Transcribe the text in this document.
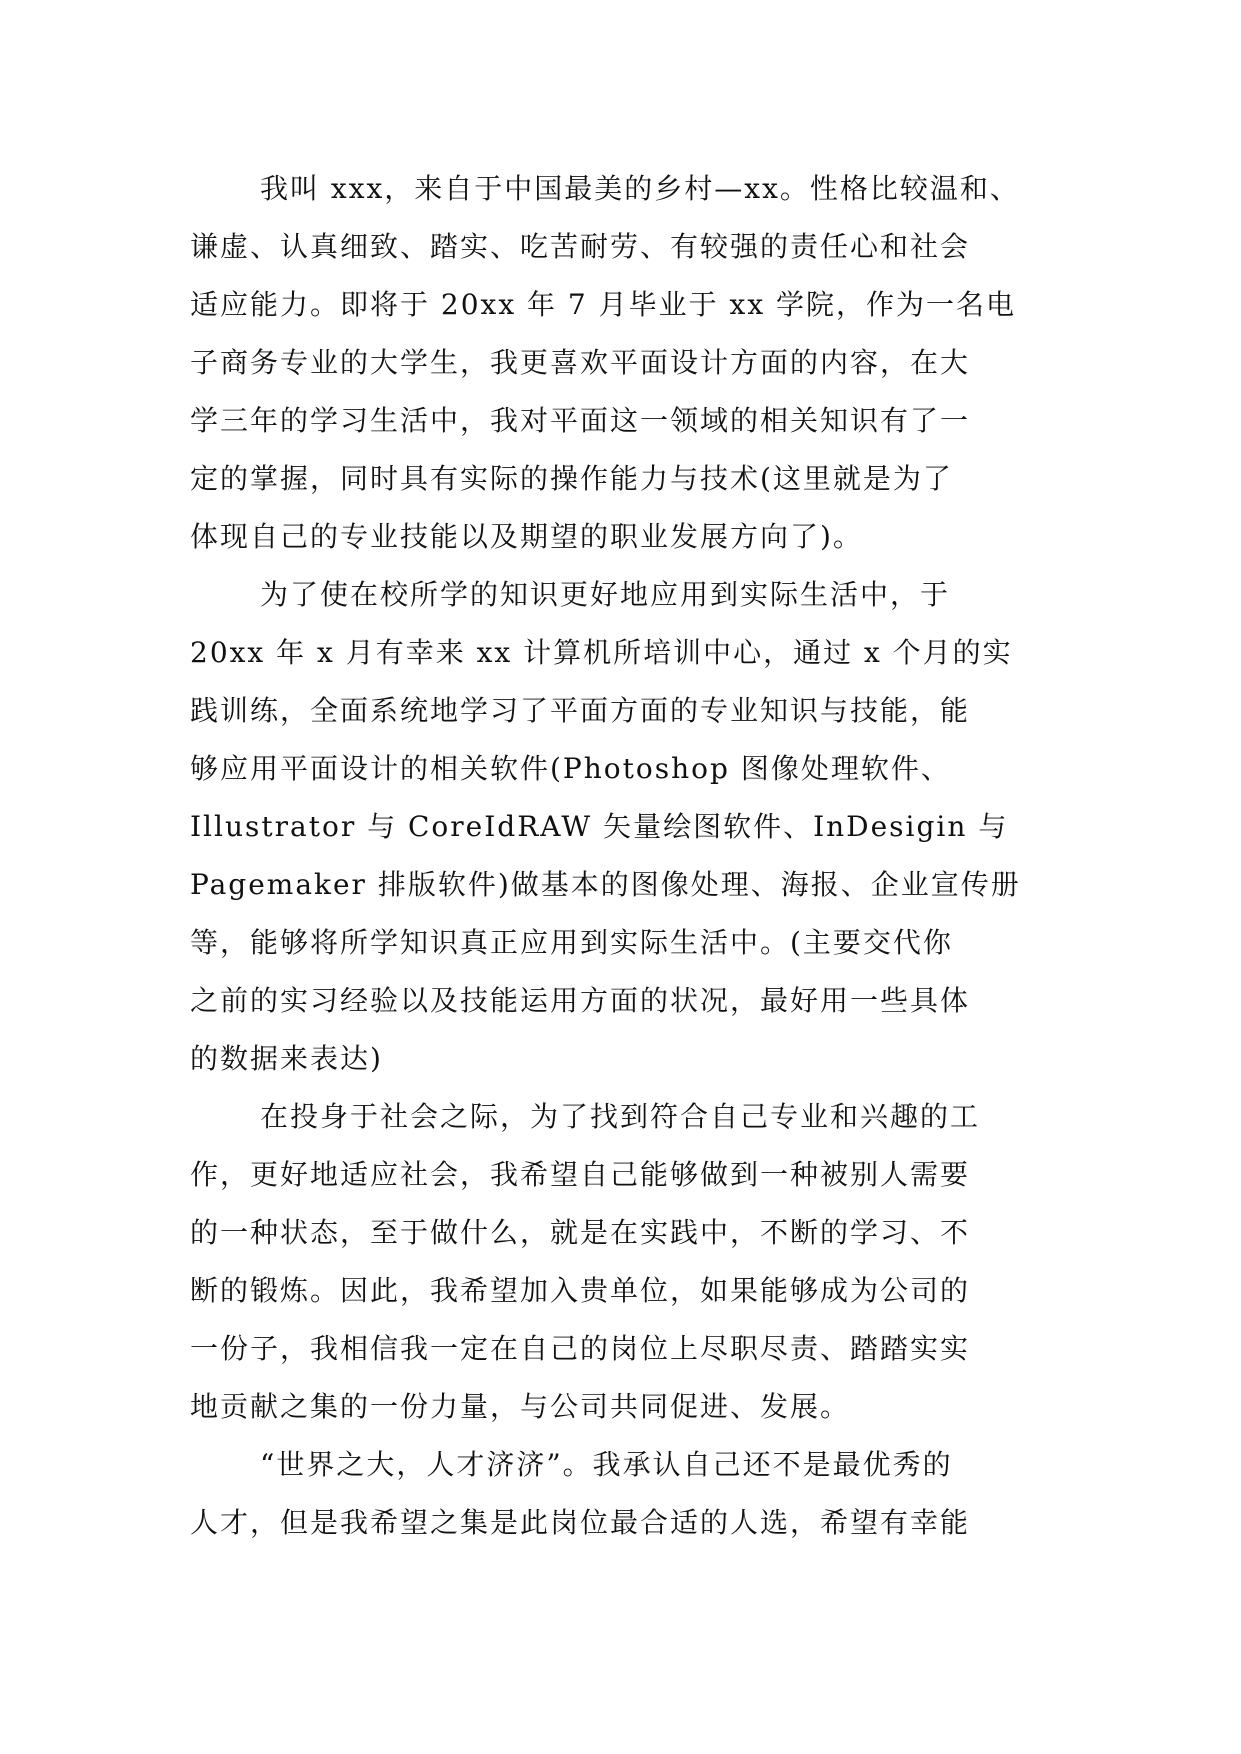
我叫 xxx，来自于中国最美的乡村—xx。性格比较温和、
谦虚、认真细致、踏实、吃苦耐劳、有较强的责任心和社会
适应能力。即将于 20xx 年 7 月毕业于 xx 学院，作为一名电
子商务专业的大学生，我更喜欢平面设计方面的内容，在大
学三年的学习生活中，我对平面这一领域的相关知识有了一
定的掌握，同时具有实际的操作能力与技术(这里就是为了
体现自己的专业技能以及期望的职业发展方向了)。
为了使在校所学的知识更好地应用到实际生活中，于
20xx 年 x 月有幸来 xx 计算机所培训中心，通过 x 个月的实
践训练，全面系统地学习了平面方面的专业知识与技能，能
够应用平面设计的相关软件(Photoshop 图像处理软件、
Illustrator 与 CoreIdRAW 矢量绘图软件、InDesigin 与
Pagemaker 排版软件)做基本的图像处理、海报、企业宣传册
等，能够将所学知识真正应用到实际生活中。(主要交代你
之前的实习经验以及技能运用方面的状况，最好用一些具体
的数据来表达)
在投身于社会之际，为了找到符合自己专业和兴趣的工
作，更好地适应社会，我希望自己能够做到一种被别人需要
的一种状态，至于做什么，就是在实践中，不断的学习、不
断的锻炼。因此，我希望加入贵单位，如果能够成为公司的
一份子，我相信我一定在自己的岗位上尽职尽责、踏踏实实
地贡献之集的一份力量，与公司共同促进、发展。
“世界之大，人才济济”。我承认自己还不是最优秀的
人才，但是我希望之集是此岗位最合适的人选，希望有幸能
